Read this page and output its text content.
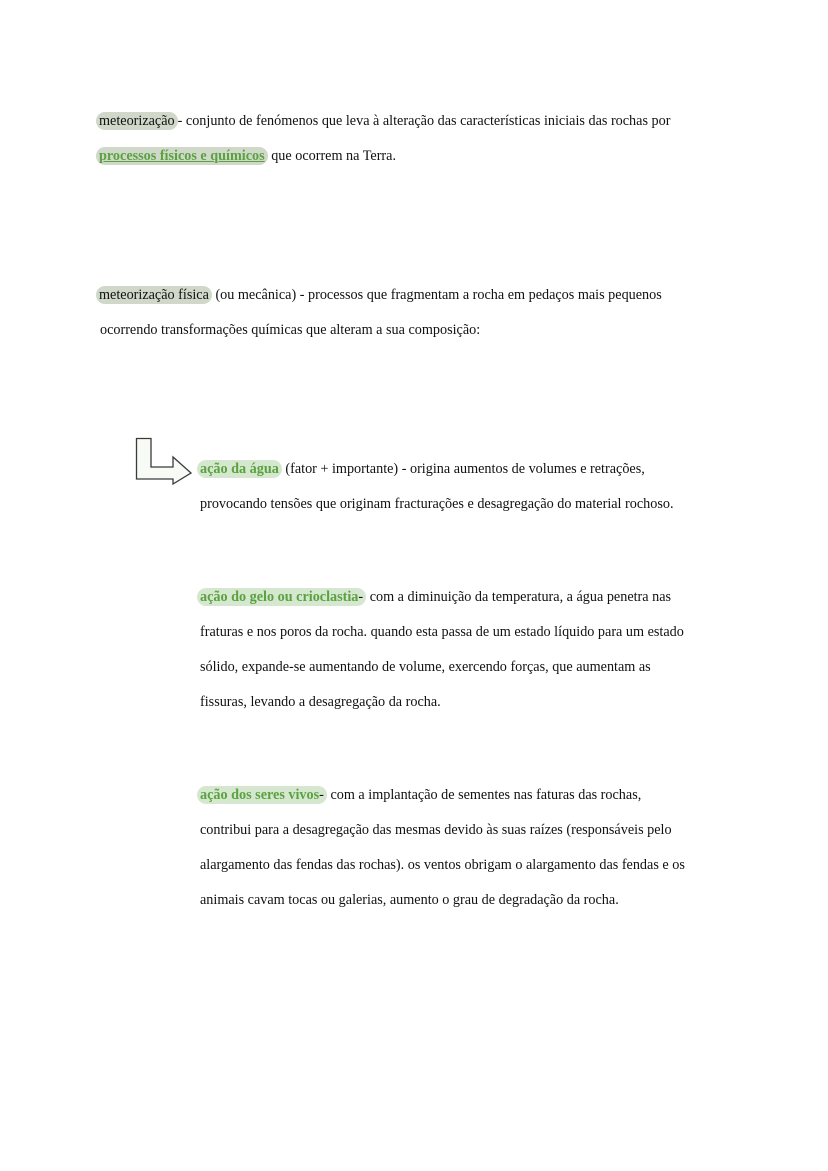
meteorização - conjunto de fenómenos que leva à alteração das características iniciais das rochas por
processos físicos e químicos que ocorrem na Terra.
meteorização física (ou mecânica) - processos que fragmentam a rocha em pedaços mais pequenos
ocorrendo transformações químicas que alteram a sua composição:
ação da água (fator + importante) - origina aumentos de volumes e retrações,
provocando tensões que originam fracturações e desagregação do material rochoso.
ação do gelo ou crioclastia- com a diminuição da temperatura, a água penetra nas
fraturas e nos poros da rocha. quando esta passa de um estado líquido para um estado
sólido, expande-se aumentando de volume, exercendo forças, que aumentam as
fissuras, levando a desagregação da rocha.
ação dos seres vivos- com a implantação de sementes nas faturas das rochas,
contribui para a desagregação das mesmas devido às suas raízes (responsáveis pelo
alargamento das fendas das rochas). os ventos obrigam o alargamento das fendas e os
animais cavam tocas ou galerias, aumento o grau de degradação da rocha.
